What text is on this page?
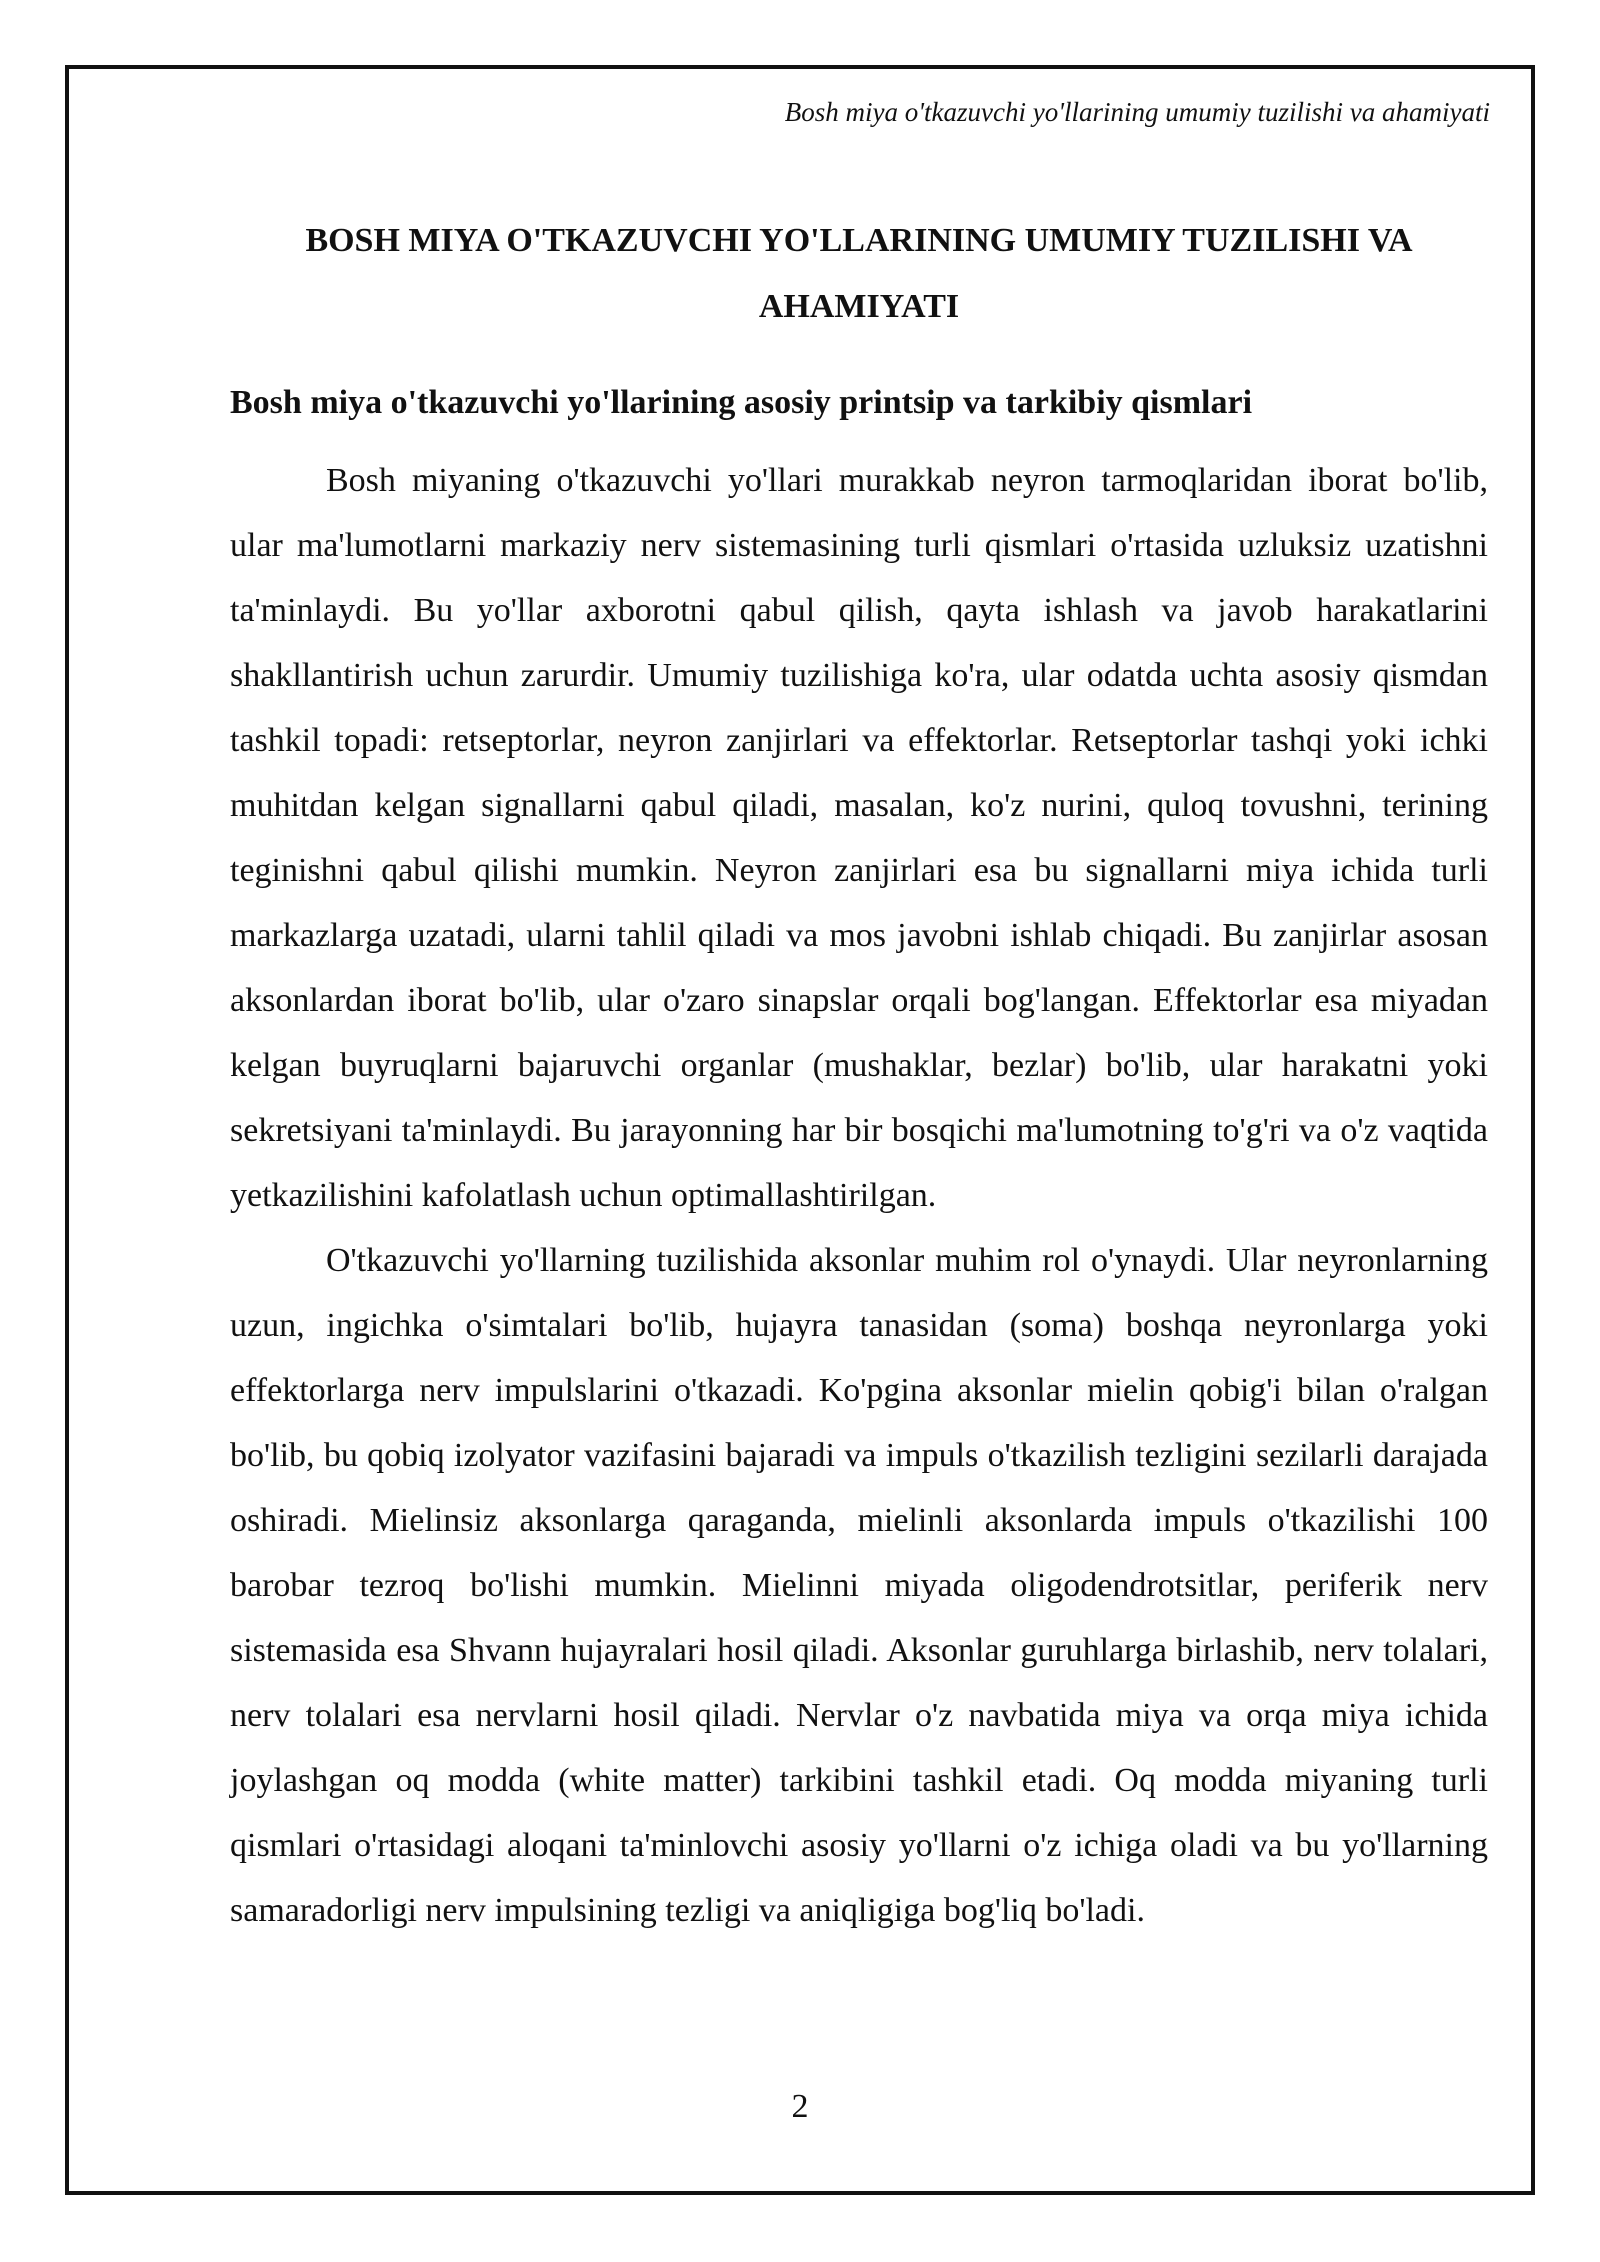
Bosh miya o'tkazuvchi yo'llarining umumiy tuzilishi va ahamiyati
BOSH MIYA O'TKAZUVCHI YO'LLARINING UMUMIY TUZILISHI VA AHAMIYATI
Bosh miya o'tkazuvchi yo'llarining asosiy printsip va tarkibiy qismlari

Bosh miyaning o'tkazuvchi yo'llari murakkab neyron tarmoqlaridan iborat bo'lib, ular ma'lumotlarni markaziy nerv sistemasining turli qismlari o'rtasida uzluksiz uzatishni ta'minlaydi. Bu yo'llar axborotni qabul qilish, qayta ishlash va javob harakatlarini shakllantirish uchun zarurdir. Umumiy tuzilishiga ko'ra, ular odatda uchta asosiy qismdan tashkil topadi: retseptorlar, neyron zanjirlari va effektorlar. Retseptorlar tashqi yoki ichki muhitdan kelgan signallarni qabul qiladi, masalan, ko'z nurini, quloq tovushni, terining teginishni qabul qilishi mumkin. Neyron zanjirlari esa bu signallarni miya ichida turli markazlarga uzatadi, ularni tahlil qiladi va mos javobni ishlab chiqadi. Bu zanjirlar asosan aksonlardan iborat bo'lib, ular o'zaro sinapslar orqali bog'langan. Effektorlar esa miyadan kelgan buyruqlarni bajaruvchi organlar (mushaklar, bezlar) bo'lib, ular harakatni yoki sekretsiyani ta'minlaydi. Bu jarayonning har bir bosqichi ma'lumotning to'g'ri va o'z vaqtida yetkazilishini kafolatlash uchun optimallashtirilgan.

O'tkazuvchi yo'llarning tuzilishida aksonlar muhim rol o'ynaydi. Ular neyronlarning uzun, ingichka o'simtalari bo'lib, hujayra tanasidan (soma) boshqa neyronlarga yoki effektorlarga nerv impulslarini o'tkazadi. Ko'pgina aksonlar mielin qobig'i bilan o'ralgan bo'lib, bu qobiq izolyator vazifasini bajaradi va impuls o'tkazilish tezligini sezilarli darajada oshiradi. Mielinsiz aksonlarga qaraganda, mielinli aksonlarda impuls o'tkazilishi 100 barobar tezroq bo'lishi mumkin. Mielinni miyada oligodendrotsitlar, periferik nerv sistemasida esa Shvann hujayralari hosil qiladi. Aksonlar guruhlarga birlashib, nerv tolalari, nerv tolalari esa nervlarni hosil qiladi. Nervlar o'z navbatida miya va orqa miya ichida joylashgan oq modda (white matter) tarkibini tashkil etadi. Oq modda miyaning turli qismlari o'rtasidagi aloqani ta'minlovchi asosiy yo'llarni o'z ichiga oladi va bu yo'llarning samaradorligi nerv impulsining tezligi va aniqligiga bog'liq bo'ladi.

2
